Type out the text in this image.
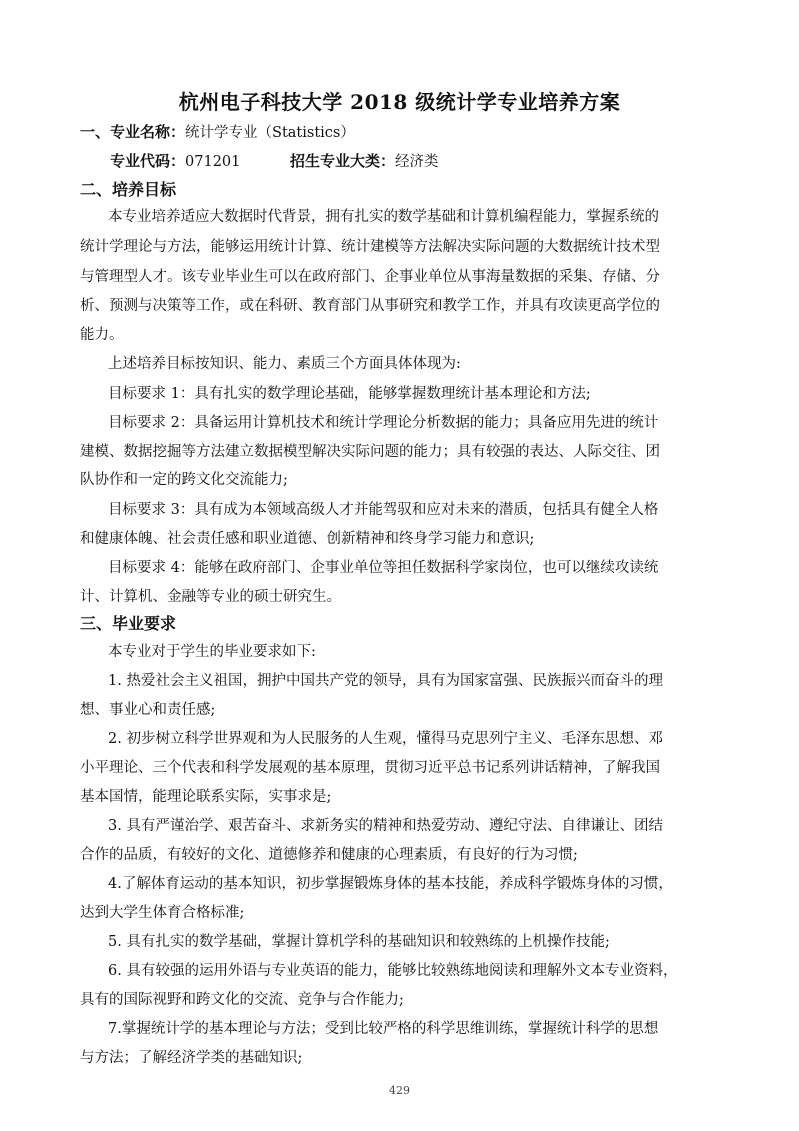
杭州电子科技大学 2018 级统计学专业培养方案
一、专业名称：统计学专业（Statistics）
专业代码：071201	招生专业大类：经济类
二、培养目标
本专业培养适应大数据时代背景，拥有扎实的数学基础和计算机编程能力，掌握系统的
统计学理论与方法，能够运用统计计算、统计建模等方法解决实际问题的大数据统计技术型
与管理型人才。该专业毕业生可以在政府部门、企事业单位从事海量数据的采集、存储、分
析、预测与决策等工作，或在科研、教育部门从事研究和教学工作，并具有攻读更高学位的
能力。
上述培养目标按知识、能力、素质三个方面具体体现为:
目标要求 1：具有扎实的数学理论基础，能够掌握数理统计基本理论和方法;
目标要求 2：具备运用计算机技术和统计学理论分析数据的能力；具备应用先进的统计
建模、数据挖掘等方法建立数据模型解决实际问题的能力；具有较强的表达、人际交往、团
队协作和一定的跨文化交流能力;
目标要求 3：具有成为本领域高级人才并能驾驭和应对未来的潜质，包括具有健全人格
和健康体魄、社会责任感和职业道德、创新精神和终身学习能力和意识;
目标要求 4：能够在政府部门、企事业单位等担任数据科学家岗位，也可以继续攻读统
计、计算机、金融等专业的硕士研究生。
三、毕业要求
本专业对于学生的毕业要求如下:
1. 热爱社会主义祖国，拥护中国共产党的领导，具有为国家富强、民族振兴而奋斗的理
想、事业心和责任感;
2. 初步树立科学世界观和为人民服务的人生观，懂得马克思列宁主义、毛泽东思想、邓
小平理论、三个代表和科学发展观的基本原理，贯彻习近平总书记系列讲话精神，了解我国
基本国情，能理论联系实际，实事求是;
3. 具有严谨治学、艰苦奋斗、求新务实的精神和热爱劳动、遵纪守法、自律谦让、团结
合作的品质，有较好的文化、道德修养和健康的心理素质，有良好的行为习惯;
4.了解体育运动的基本知识，初步掌握锻炼身体的基本技能，养成科学锻炼身体的习惯，
达到大学生体育合格标准;
5. 具有扎实的数学基础，掌握计算机学科的基础知识和较熟练的上机操作技能;
6. 具有较强的运用外语与专业英语的能力，能够比较熟练地阅读和理解外文本专业资料，
具有的国际视野和跨文化的交流、竞争与合作能力;
7.掌握统计学的基本理论与方法；受到比较严格的科学思维训练，掌握统计科学的思想
与方法；了解经济学类的基础知识;
429
